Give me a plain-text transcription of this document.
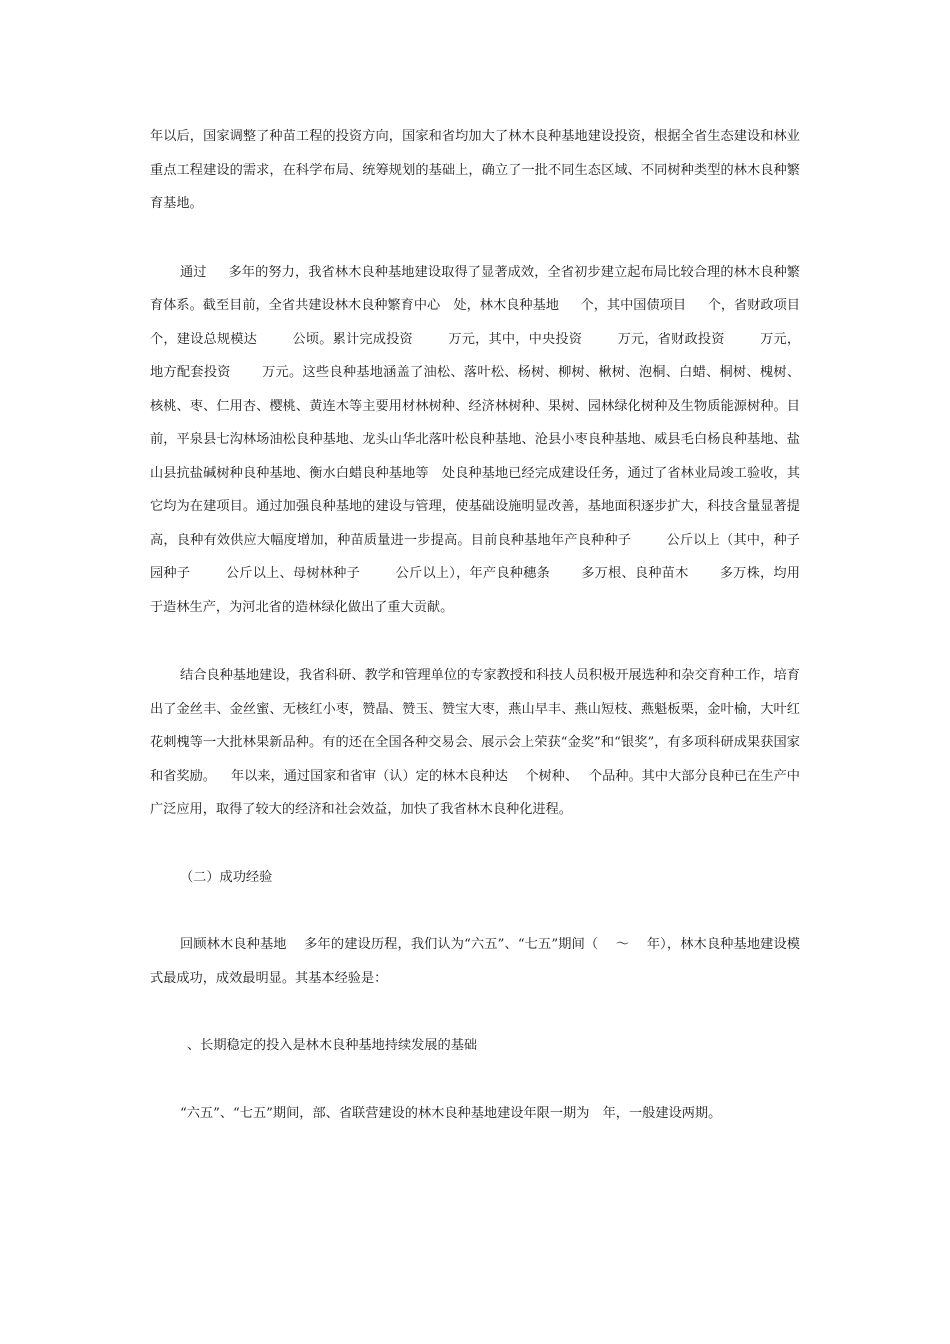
年以后，国家调整了种苗工程的投资方向，国家和省均加大了林木良种基地建设投资，根据全省生态建设和林业重点工程建设的需求，在科学布局、统筹规划的基础上，确立了一批不同生态区域、不同树种类型的林木良种繁育基地。

通过　  多年的努力，我省林木良种基地建设取得了显著成效，全省初步建立起布局比较合理的林木良种繁育体系。截至目前，全省共建设林木良种繁育中心　处，林木良种基地　  个，其中国债项目　  个，省财政项目　 个，建设总规模达　　  公顷。累计完成投资　　  万元，其中，中央投资　　  万元，省财政投资　　  万元，地方配套投资　　 万元。这些良种基地涵盖了油松、落叶松、杨树、柳树、楸树、泡桐、白蜡、桐树、槐树、核桃、枣、仁用杏、樱桃、黄连木等主要用材林树种、经济林树种、果树、园林绿化树种及生物质能源树种。目前，平泉县七沟林场油松良种基地、龙头山华北落叶松良种基地、沧县小枣良种基地、威县毛白杨良种基地、盐山县抗盐碱树种良种基地、衡水白蜡良种基地等　处良种基地已经完成建设任务，通过了省林业局竣工验收，其它均为在建项目。通过加强良种基地的建设与管理，使基础设施明显改善，基地面积逐步扩大，科技含量显著提高，良种有效供应大幅度增加，种苗质量进一步提高。目前良种基地年产良种种子　　  公斤以上（其中，种子园种子　　  公斤以上、母树林种子　　  公斤以上），年产良种穗条　　 多万根、良种苗木　　 多万株，均用于造林生产，为河北省的造林绿化做出了重大贡献。

结合良种基地建设，我省科研、教学和管理单位的专家教授和科技人员积极开展选种和杂交育种工作，培育出了金丝丰、金丝蜜、无核红小枣，赞晶、赞玉、赞宝大枣，燕山早丰、燕山短枝、燕魁板栗，金叶榆，大叶红花刺槐等一大批林果新品种。有的还在全国各种交易会、展示会上荣获“金奖”和“银奖”，有多项科研成果获国家和省奖励。　  年以来，通过国家和省审（认）定的林木良种达　 个树种、　 个品种。其中大部分良种已在生产中广泛应用，取得了较大的经济和社会效益，加快了我省林木良种化进程。

（二）成功经验

回顾林木良种基地　 多年的建设历程，我们认为“六五”、“七五”期间（　 ～　 年），林木良种基地建设模式最成功，成效最明显。其基本经验是：

、长期稳定的投入是林木良种基地持续发展的基础

“六五”、“七五”期间，部、省联营建设的林木良种基地建设年限一期为　年，一般建设两期。
